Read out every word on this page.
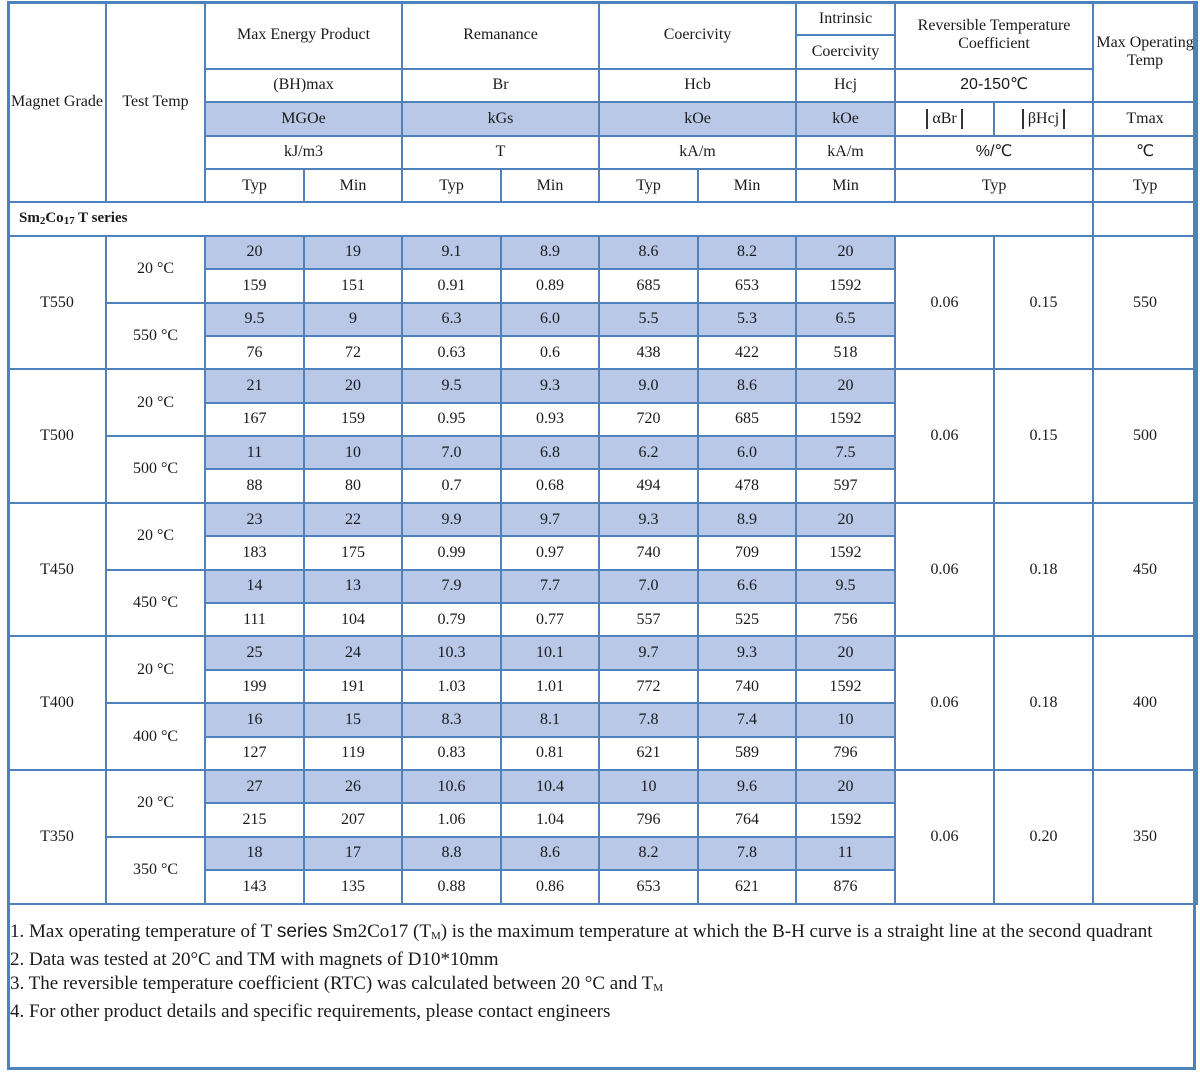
Magnet Grade	Test Temp	Max Energy Product		Remanance		Coercivity		Intrinsic	Reversible Temperature Coefficient		Max Operating Temp
								Coercivity			
		(BH)max		Br		Hcb		Hcj	20-150℃		
		MGOe		kGs		kOe		kOe	αBr	βHcj	Tmax
		kJ/m3		T		kA/m		kA/m	%/℃		℃
		Typ	Min	Typ	Min	Typ	Min	Min	Typ		Typ
$Sm_2Co_{17}$ T series											
T550	20 °C	20	19	9.1	8.9	8.6	8.2	20	0.06	0.15	550
		159	151	0.91	0.89	685	653	1592			
	550 °C	9.5	9	6.3	6.0	5.5	5.3	6.5			
		76	72	0.63	0.6	438	422	518			
T500	20 °C	21	20	9.5	9.3	9.0	8.6	20	0.06	0.15	500
		167	159	0.95	0.93	720	685	1592			
	500 °C	11	10	7.0	6.8	6.2	6.0	7.5			
		88	80	0.7	0.68	494	478	597			
T450	20 °C	23	22	9.9	9.7	9.3	8.9	20	0.06	0.18	450
		183	175	0.99	0.97	740	709	1592			
	450 °C	14	13	7.9	7.7	7.0	6.6	9.5			
		111	104	0.79	0.77	557	525	756			
T400	20 °C	25	24	10.3	10.1	9.7	9.3	20	0.06	0.18	400
		199	191	1.03	1.01	772	740	1592			
	400 °C	16	15	8.3	8.1	7.8	7.4	10			
		127	119	0.83	0.81	621	589	796			
T350	20 °C	27	26	10.6	10.4	10	9.6	20	0.06	0.20	350
		215	207	1.06	1.04	796	764	1592			
	350 °C	18	17	8.8	8.6	8.2	7.8	11			
		143	135	0.88	0.86	653	621	876			

1. Max operating temperature of T series Sm2Co17 $(T_M)$ is the maximum temperature at which the B-H curve is a straight line at the second quadrant

2. Data was tested at 20°C and TM with magnets of D10*10mm

3. The reversible temperature coefficient (RTC) was calculated between 20 °C and $T_M$

4. For other product details and specific requirements, please contact engineers
